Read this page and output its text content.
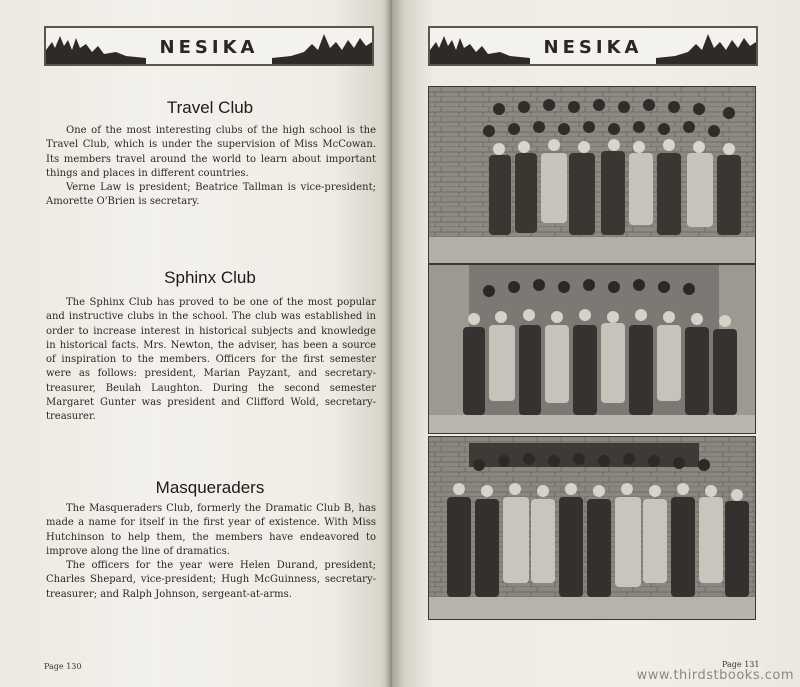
NESIKA
Travel Club

One of the most interesting clubs of the high school is the Travel Club, which is under the supervision of Miss McCowan. Its members travel around the world to learn about important things and places in different countries.

Verne Law is president; Beatrice Tallman is vice-president; Amorette O'Brien is secretary.

Sphinx Club

The Sphinx Club has proved to be one of the most popular and instructive clubs in the school. The club was established in order to increase interest in historical subjects and knowledge in historical facts. Mrs. Newton, the adviser, has been a source of inspiration to the members. Officers for the first semester were as follows: president, Marian Payzant, and secretary-treasurer, Beulah Laughton. During the second semester Margaret Gunter was president and Clifford Wold, secretary-treasurer.

Masqueraders

The Masqueraders Club, formerly the Dramatic Club B, has made a name for itself in the first year of existence. With Miss Hutchinson to help them, the members have endeavored to improve along the line of dramatics.

The officers for the year were Helen Durand, president; Charles Shepard, vice-president; Hugh McGuinness, secretary-treasurer; and Ralph Johnson, sergeant-at-arms.

Page 130
NESIKA
Page 131
www.thirdstbooks.com
